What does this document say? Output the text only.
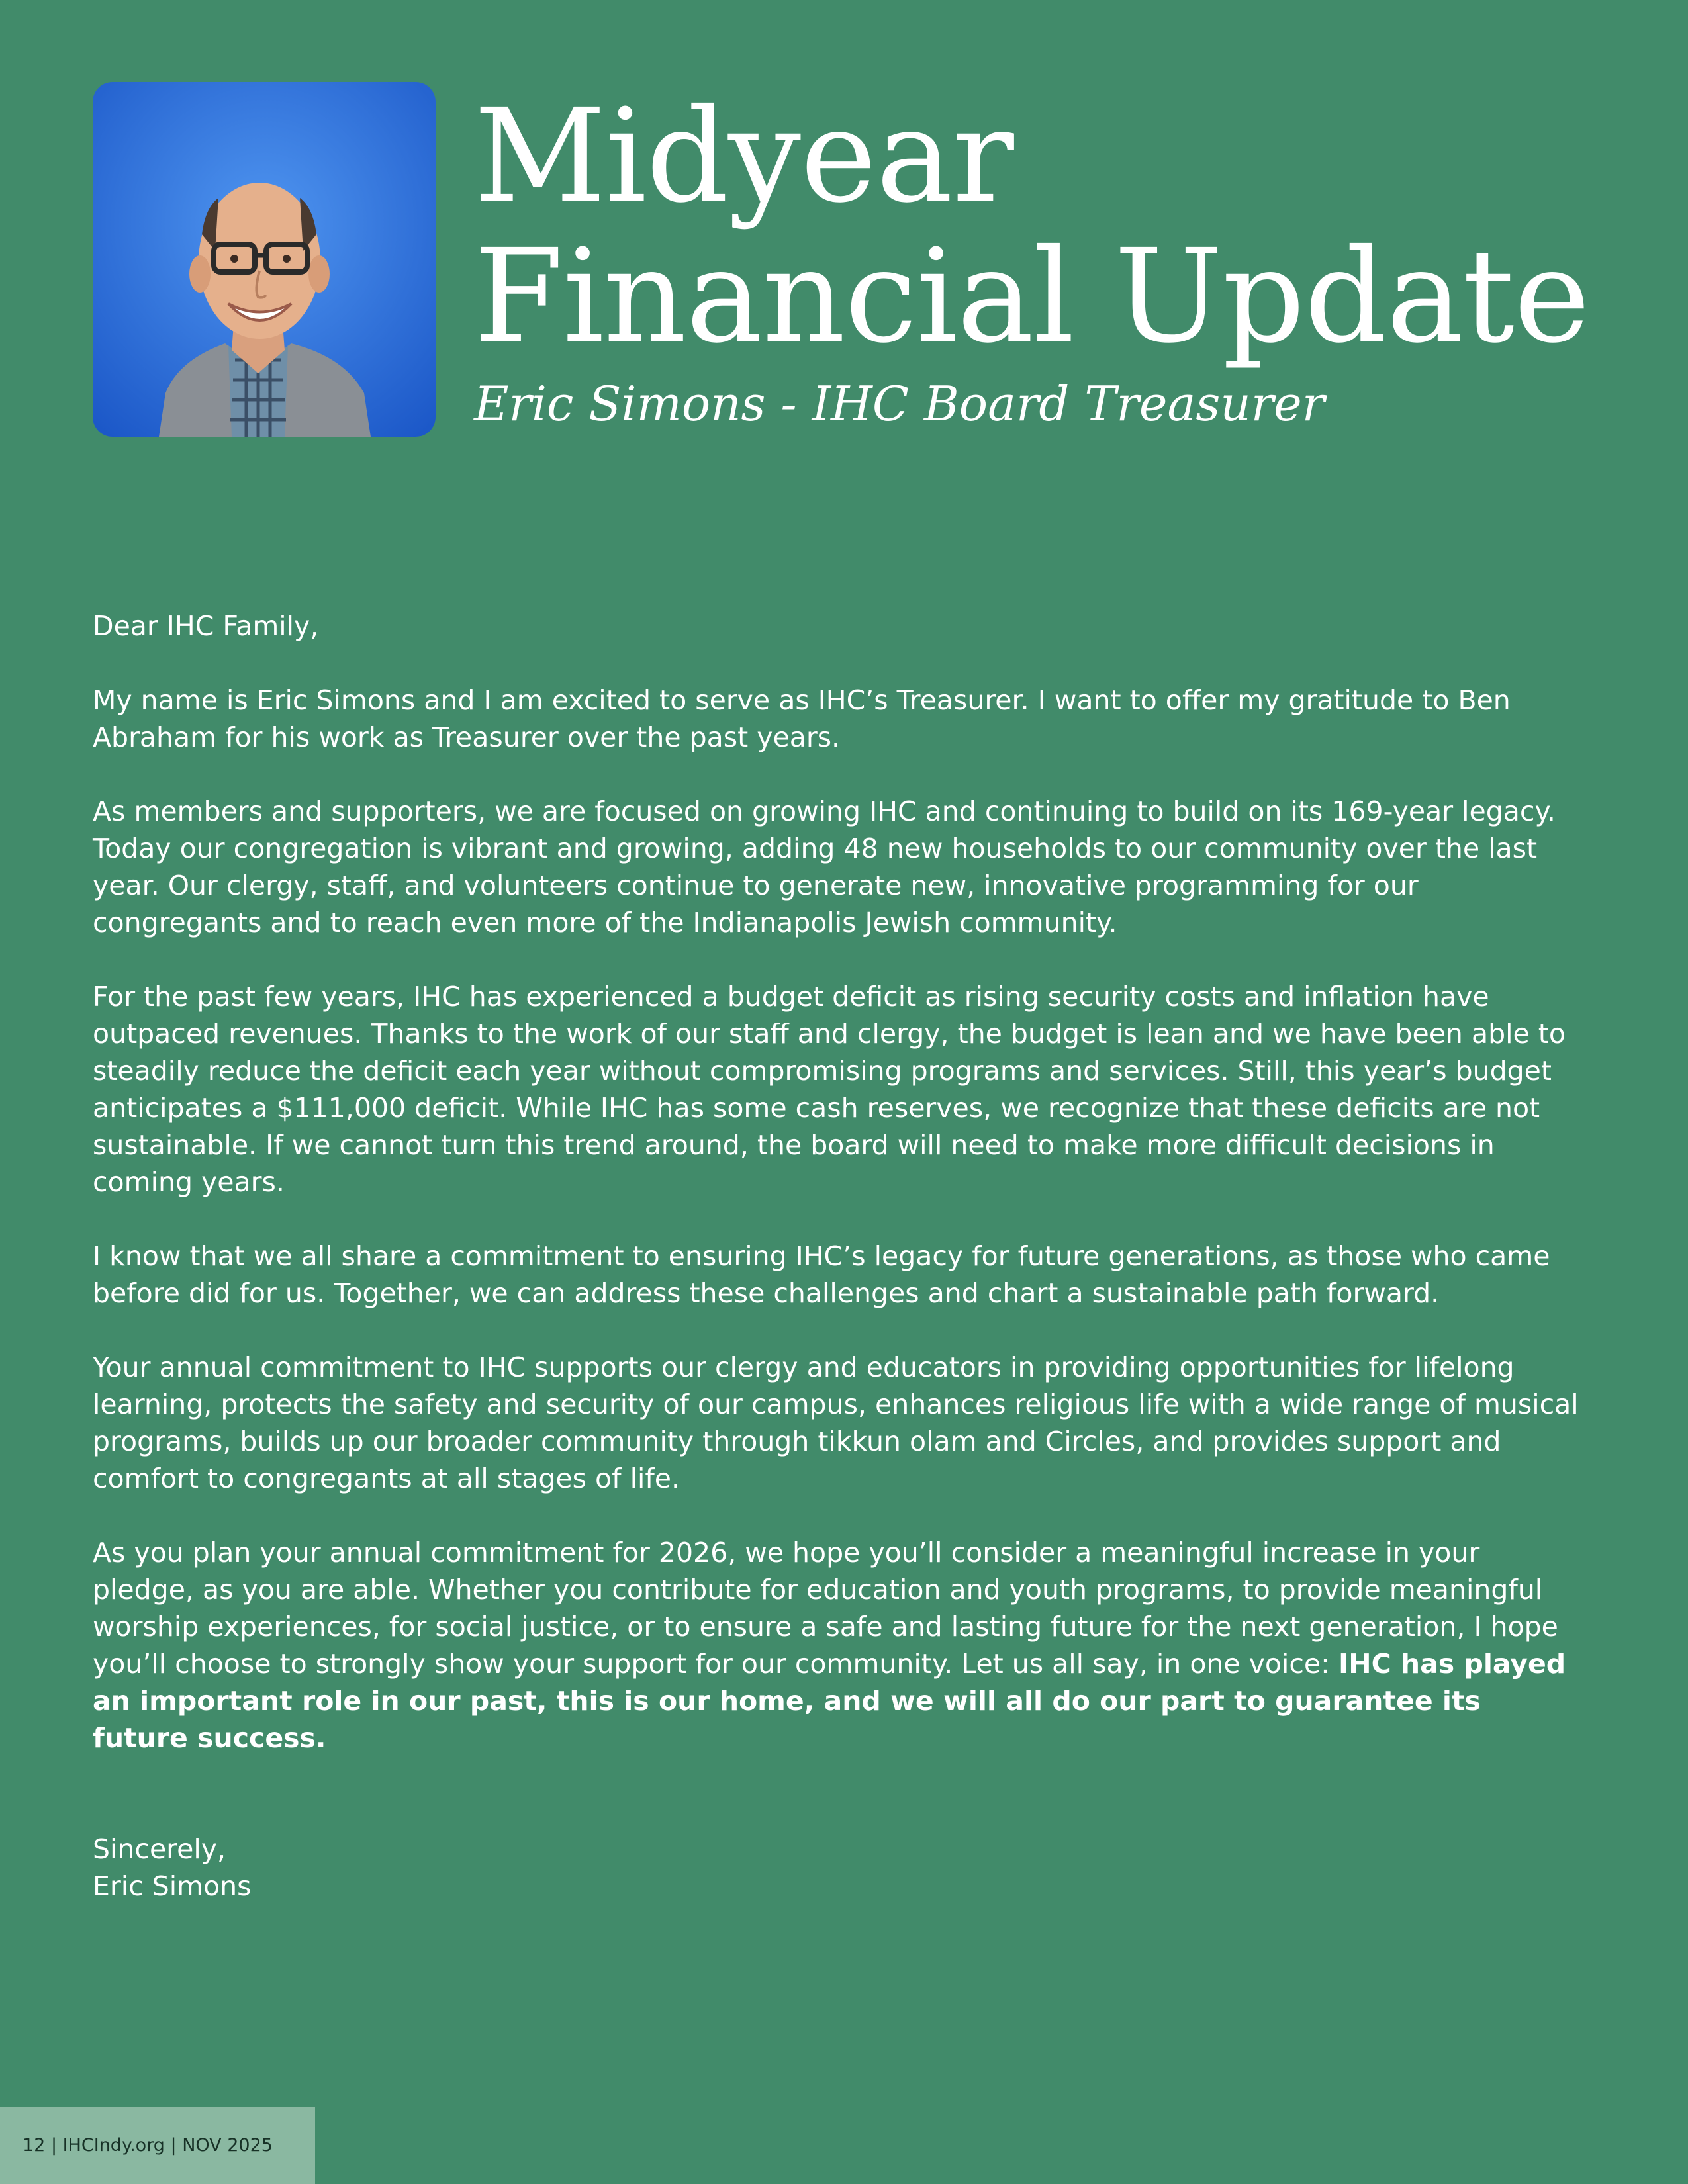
Midyear
Financial Update
Eric Simons - IHC Board Treasurer

Dear IHC Family,

My name is Eric Simons and I am excited to serve as IHC’s Treasurer. I want to offer my gratitude to Ben Abraham for his work as Treasurer over the past years.

As members and supporters, we are focused on growing IHC and continuing to build on its 169-year legacy. Today our congregation is vibrant and growing, adding 48 new households to our community over the last year. Our clergy, staff, and volunteers continue to generate new, innovative programming for our congregants and to reach even more of the Indianapolis Jewish community.

For the past few years, IHC has experienced a budget deficit as rising security costs and inflation have outpaced revenues. Thanks to the work of our staff and clergy, the budget is lean and we have been able to steadily reduce the deficit each year without compromising programs and services. Still, this year’s budget anticipates a $111,000 deficit. While IHC has some cash reserves, we recognize that these deficits are not sustainable. If we cannot turn this trend around, the board will need to make more difficult decisions in coming years.

I know that we all share a commitment to ensuring IHC’s legacy for future generations, as those who came before did for us. Together, we can address these challenges and chart a sustainable path forward.

Your annual commitment to IHC supports our clergy and educators in providing opportunities for lifelong learning, protects the safety and security of our campus, enhances religious life with a wide range of musical programs, builds up our broader community through tikkun olam and Circles, and provides support and comfort to congregants at all stages of life.

As you plan your annual commitment for 2026, we hope you’ll consider a meaningful increase in your pledge, as you are able. Whether you contribute for education and youth programs, to provide meaningful worship experiences, for social justice, or to ensure a safe and lasting future for the next generation, I hope you’ll choose to strongly show your support for our community. Let us all say, in one voice: IHC has played an important role in our past, this is our home, and we will all do our part to guarantee its future success.

Sincerely,

Eric Simons

12 | IHCIndy.org | NOV 2025
